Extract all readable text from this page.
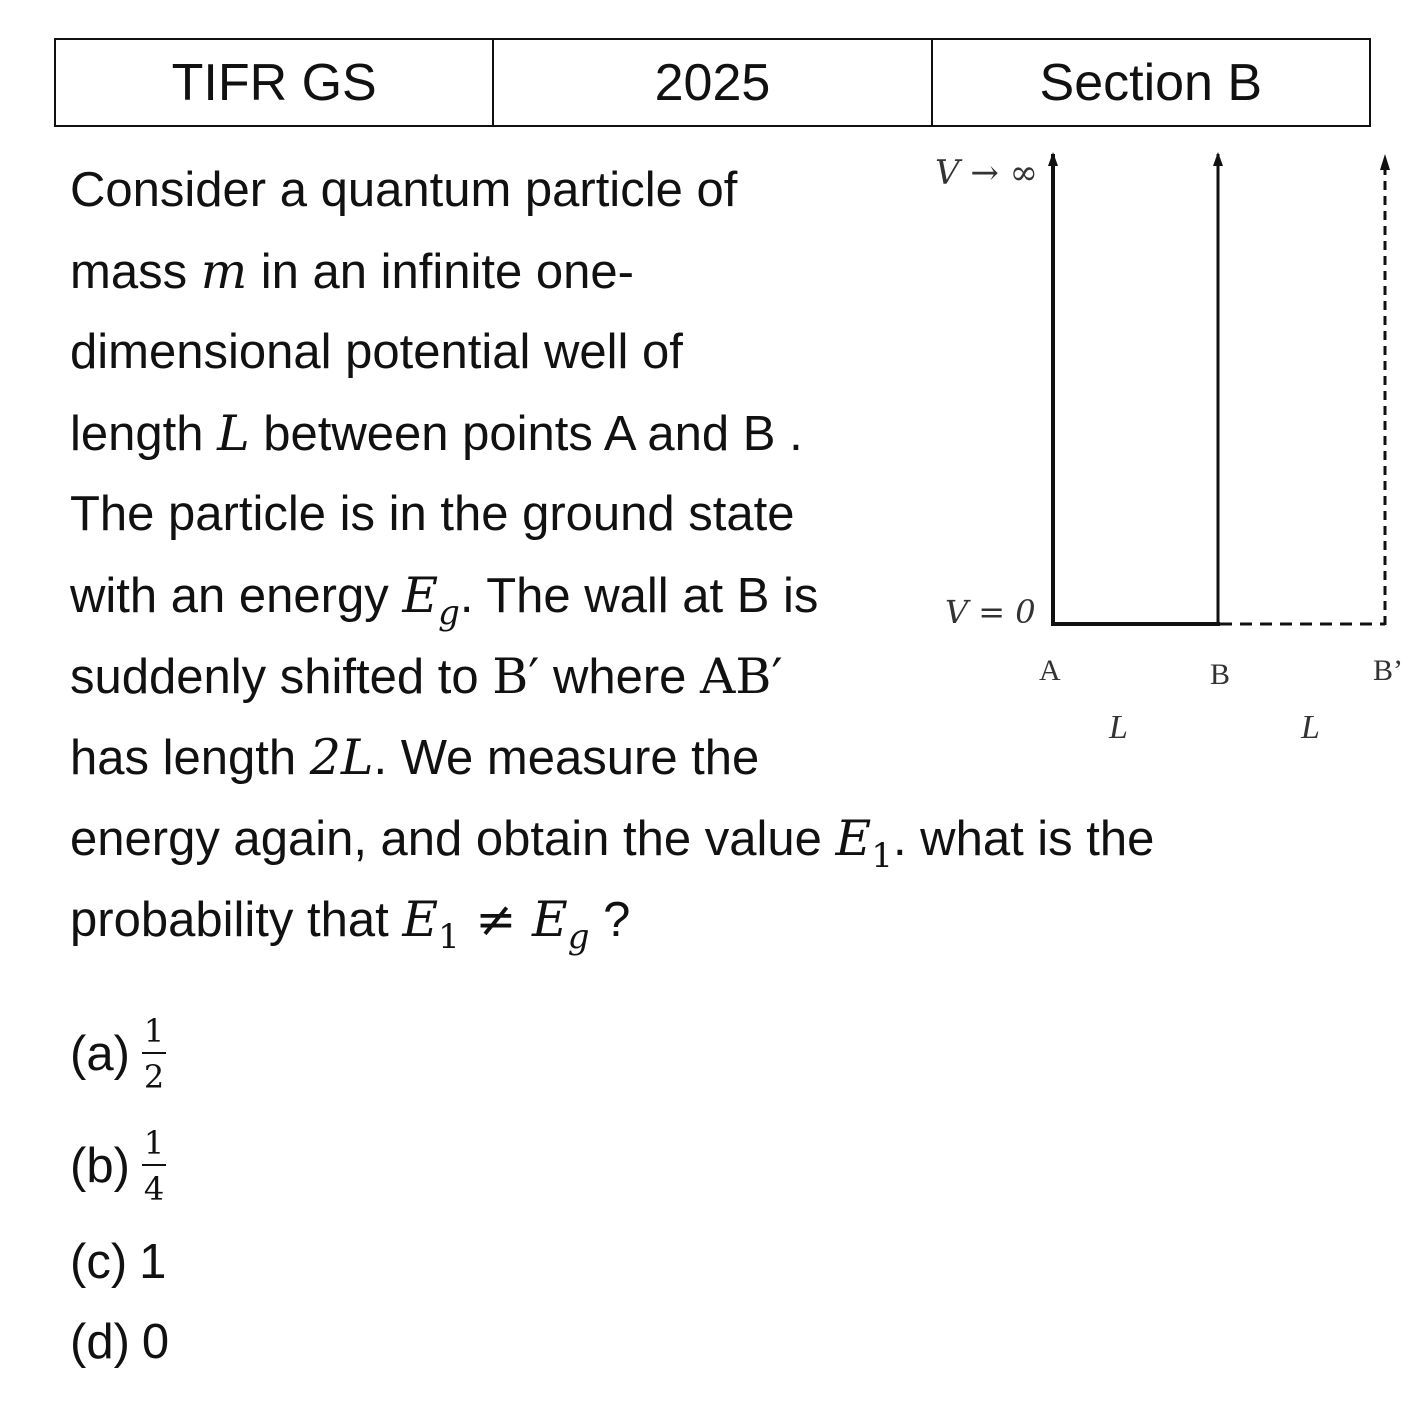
TIFR GS	2025	Section B
Consider a quantum particle of
mass m in an infinite one-
dimensional potential well of
length L between points A and B .
The particle is in the ground state
with an energy $E_g$. The wall at B is
suddenly shifted to B′ where AB′
has length 2L. We measure the
energy again, and obtain the value $E_1$. what is the
probability that $E_1 \ne E_g$ ?
V → ∞
V = 0
A	B	B’
L	L
$(a) \frac{1}{2}$
$(b) \frac{1}{4}$
(c) 1
(d) 0
